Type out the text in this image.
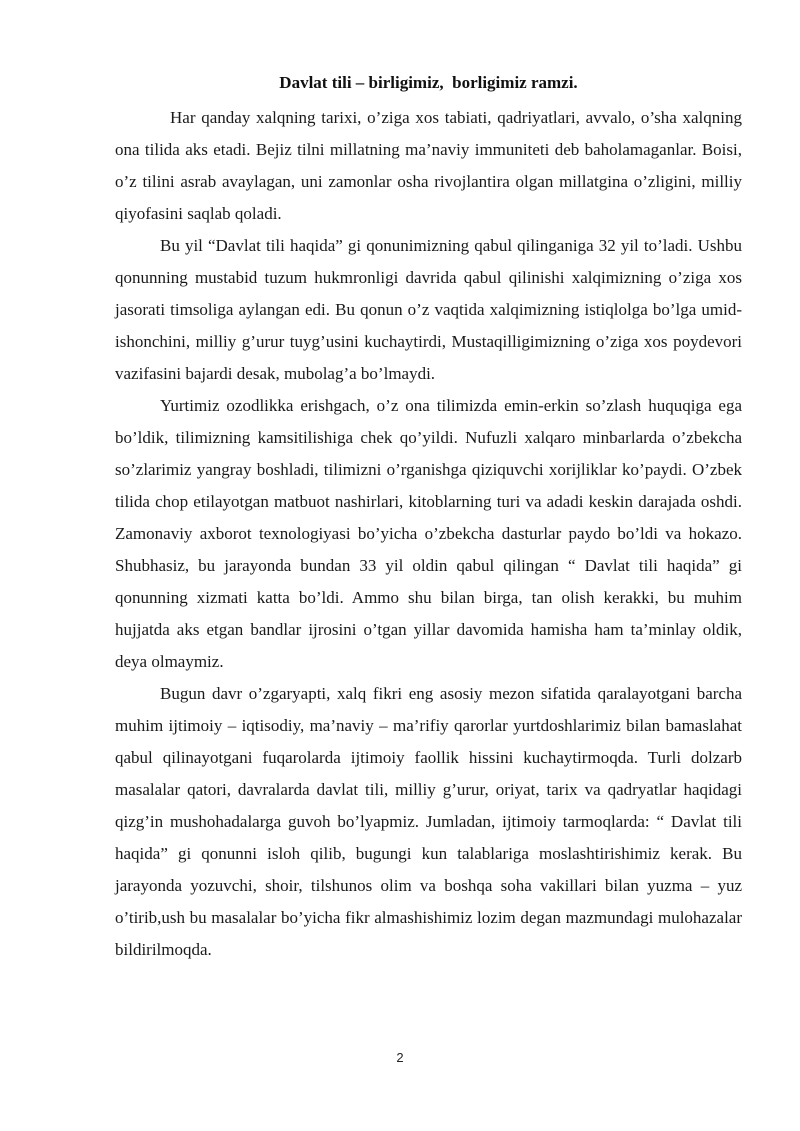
Davlat tili – birligimiz,  borligimiz ramzi.

Har qanday xalqning tarixi, o’ziga xos tabiati, qadriyatlari, avvalo, o’sha xalqning ona tilida aks etadi. Bejiz tilni millatning ma’naviy immuniteti deb baholamaganlar. Boisi, o’z tilini asrab avaylagan, uni zamonlar osha rivojlantira olgan millatgina o’zligini, milliy qiyofasini saqlab qoladi.

Bu yil “Davlat tili haqida” gi qonunimizning qabul qilinganiga 32 yil to’ladi. Ushbu qonunning mustabid tuzum hukmronligi davrida qabul qilinishi xalqimizning o’ziga xos jasorati timsoliga aylangan edi. Bu qonun o’z vaqtida xalqimizning istiqlolga bo’lga umid-ishonchini, milliy g’urur tuyg’usini kuchaytirdi, Mustaqilligimizning o’ziga xos poydevori vazifasini bajardi desak, mubolag’a bo’lmaydi.

Yurtimiz ozodlikka erishgach, o’z ona tilimizda emin-erkin so’zlash huquqiga ega bo’ldik, tilimizning kamsitilishiga chek qo’yildi. Nufuzli xalqaro minbarlarda o’zbekcha so’zlarimiz yangray boshladi, tilimizni o’rganishga qiziquvchi xorijliklar ko’paydi. O’zbek tilida chop etilayotgan matbuot nashirlari, kitoblarning turi va adadi keskin darajada oshdi. Zamonaviy axborot texnologiyasi bo’yicha o’zbekcha dasturlar paydo bo’ldi va hokazo. Shubhasiz, bu jarayonda bundan 33 yil oldin qabul qilingan “ Davlat tili haqida” gi qonunning xizmati katta bo’ldi. Ammo shu bilan birga, tan olish kerakki, bu muhim hujjatda aks etgan bandlar ijrosini o’tgan yillar davomida hamisha ham ta’minlay oldik, deya olmaymiz.

Bugun davr o’zgaryapti, xalq fikri eng asosiy mezon sifatida qaralayotgani barcha muhim ijtimoiy – iqtisodiy, ma’naviy – ma’rifiy qarorlar yurtdoshlarimiz bilan bamaslahat qabul qilinayotgani fuqarolarda ijtimoiy faollik hissini kuchaytirmoqda. Turli dolzarb masalalar qatori, davralarda davlat tili, milliy g’urur, oriyat, tarix va qadryatlar haqidagi qizg’in mushohadalarga guvoh bo’lyapmiz. Jumladan, ijtimoiy tarmoqlarda: “ Davlat tili haqida” gi qonunni isloh qilib, bugungi kun talablariga moslashtirishimiz kerak. Bu jarayonda yozuvchi, shoir, tilshunos olim va boshqa soha vakillari bilan yuzma – yuz o’tirib,ush bu masalalar bo’yicha fikr almashishimiz lozim degan mazmundagi mulohazalar bildirilmoqda.

2
